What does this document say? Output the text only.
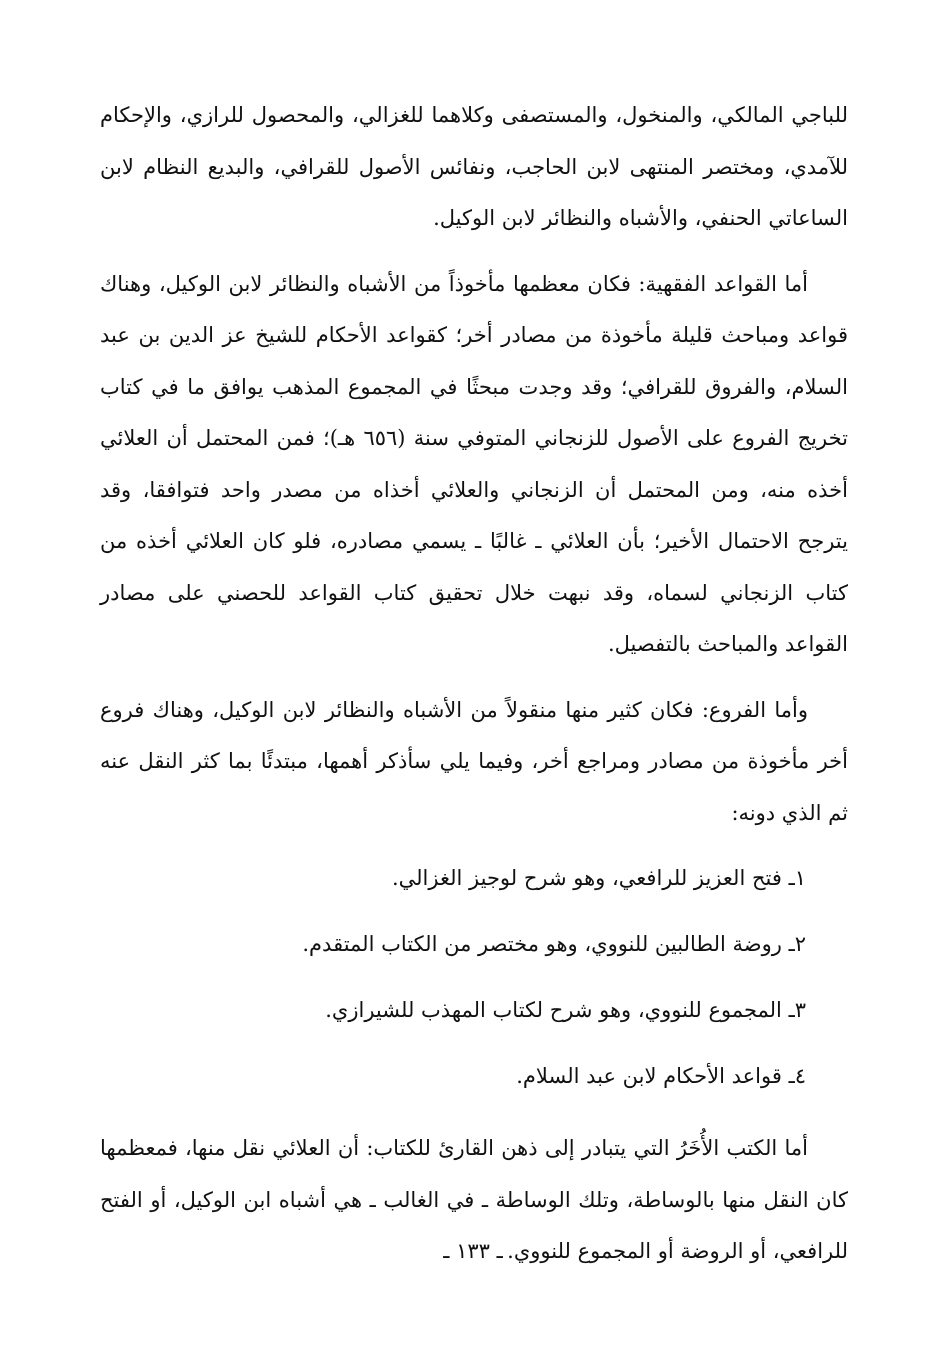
للباجي المالكي، والمنخول، والمستصفى وكلاهما للغزالي، والمحصول للرازي، والإحكام للآمدي، ومختصر المنتهى لابن الحاجب، ونفائس الأصول للقرافي، والبديع النظام لابن الساعاتي الحنفي، والأشباه والنظائر لابن الوكيل.

أما القواعد الفقهية: فكان معظمها مأخوذاً من الأشباه والنظائر لابن الوكيل، وهناك قواعد ومباحث قليلة مأخوذة من مصادر أخر؛ كقواعد الأحكام للشيخ عز الدين بن عبد السلام، والفروق للقرافي؛ وقد وجدت مبحثًا في المجموع المذهب يوافق ما في كتاب تخريج الفروع على الأصول للزنجاني المتوفي سنة (٦٥٦ هـ)؛ فمن المحتمل أن العلائي أخذه منه، ومن المحتمل أن الزنجاني والعلائي أخذاه من مصدر واحد فتوافقا، وقد يترجح الاحتمال الأخير؛ بأن العلائي ـ غالبًا ـ يسمي مصادره، فلو كان العلائي أخذه من كتاب الزنجاني لسماه، وقد نبهت خلال تحقيق كتاب القواعد للحصني على مصادر القواعد والمباحث بالتفصيل.

وأما الفروع: فكان كثير منها منقولاً من الأشباه والنظائر لابن الوكيل، وهناك فروع أخر مأخوذة من مصادر ومراجع أخر، وفيما يلي سأذكر أهمها، مبتدئًا بما كثر النقل عنه ثم الذي دونه:

١ـ فتح العزيز للرافعي، وهو شرح لوجيز الغزالي.
٢ـ روضة الطالبين للنووي، وهو مختصر من الكتاب المتقدم.
٣ـ المجموع للنووي، وهو شرح لكتاب المهذب للشيرازي.
٤ـ قواعد الأحكام لابن عبد السلام.

أما الكتب الأُخَرُ التي يتبادر إلى ذهن القارئ للكتاب: أن العلائي نقل منها، فمعظمها كان النقل منها بالوساطة، وتلك الوساطة ـ في الغالب ـ هي أشباه ابن الوكيل، أو الفتح للرافعي، أو الروضة أو المجموع للنووي.

ـ ١٣٣ ـ
